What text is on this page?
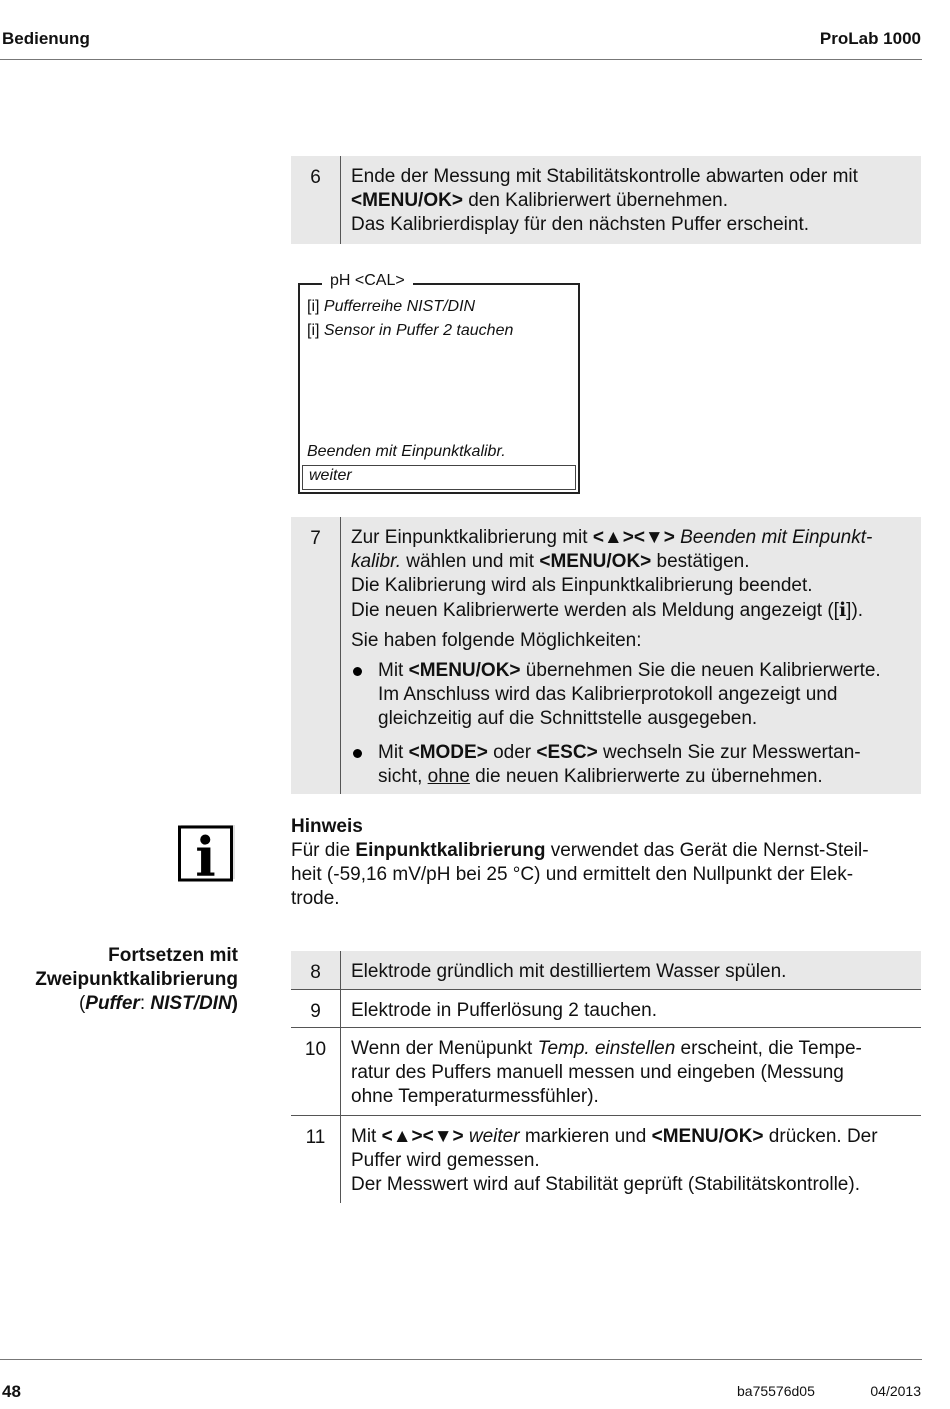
Bedienung	ProLab 1000
6	Ende der Messung mit Stabilitätskontrolle abwarten oder mit
<MENU/OK> den Kalibrierwert übernehmen.
Das Kalibrierdisplay für den nächsten Puffer erscheint.
pH <CAL>
[i] Pufferreihe NIST/DIN
[i] Sensor in Puffer 2 tauchen
Beenden mit Einpunktkalibr.
weiter
7	Zur Einpunktkalibrierung mit <▲><▼> Beenden mit Einpunkt-
kalibr. wählen und mit <MENU/OK> bestätigen.
Die Kalibrierung wird als Einpunktkalibrierung beendet.
Die neuen Kalibrierwerte werden als Meldung angezeigt ([i]).
Sie haben folgende Möglichkeiten:
Mit <MENU/OK> übernehmen Sie die neuen Kalibrierwerte.
Im Anschluss wird das Kalibrierprotokoll angezeigt und
gleichzeitig auf die Schnittstelle ausgegeben.
Mit <MODE> oder <ESC> wechseln Sie zur Messwertan-
sicht, ohne die neuen Kalibrierwerte zu übernehmen.
i	Hinweis
Für die Einpunktkalibrierung verwendet das Gerät die Nernst-Steil-
heit (-59,16 mV/pH bei 25 °C) und ermittelt den Nullpunkt der Elek-
trode.
Fortsetzen mit
Zweipunktkalibrierung
(Puffer: NIST/DIN)
8	Elektrode gründlich mit destilliertem Wasser spülen.
9	Elektrode in Pufferlösung 2 tauchen.
10	Wenn der Menüpunkt Temp. einstellen erscheint, die Tempe-
ratur des Puffers manuell messen und eingeben (Messung
ohne Temperaturmessfühler).
11	Mit <▲><▼> weiter markieren und <MENU/OK> drücken. Der
Puffer wird gemessen.
Der Messwert wird auf Stabilität geprüft (Stabilitätskontrolle).
48	ba75576d05	04/2013
